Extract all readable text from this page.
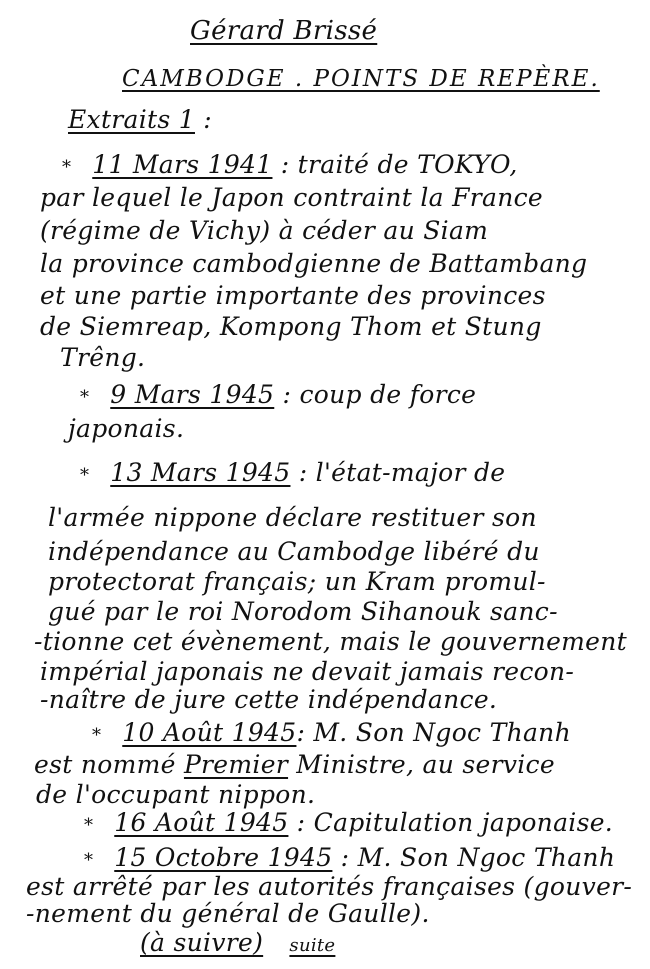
Gérard Brissé
CAMBODGE . POINTS DE REPÈRE.
Extraits 1 :
* 11 Mars 1941 : traité de TOKYO,
par lequel le Japon contraint la France
(régime de Vichy) à céder au Siam
la province cambodgienne de Battambang
et une partie importante des provinces
de Siemreap, Kompong Thom et Stung
Trêng.
* 9 Mars 1945 : coup de force
japonais.
* 13 Mars 1945 : l'état-major de
l'armée nippone déclare restituer son
indépendance au Cambodge libéré du
protectorat français; un Kram promul-
gué par le roi Norodom Sihanouk sanc-
-tionne cet évènement, mais le gouvernement
impérial japonais ne devait jamais recon-
-naître de jure cette indépendance.
* 10 Août 1945: M. Son Ngoc Thanh
est nommé Premier Ministre, au service
de l'occupant nippon.
* 16 Août 1945 : Capitulation japonaise.
* 15 Octobre 1945 : M. Son Ngoc Thanh
est arrêté par les autorités françaises (gouver-
-nement du général de Gaulle).
(à suivre) suite
